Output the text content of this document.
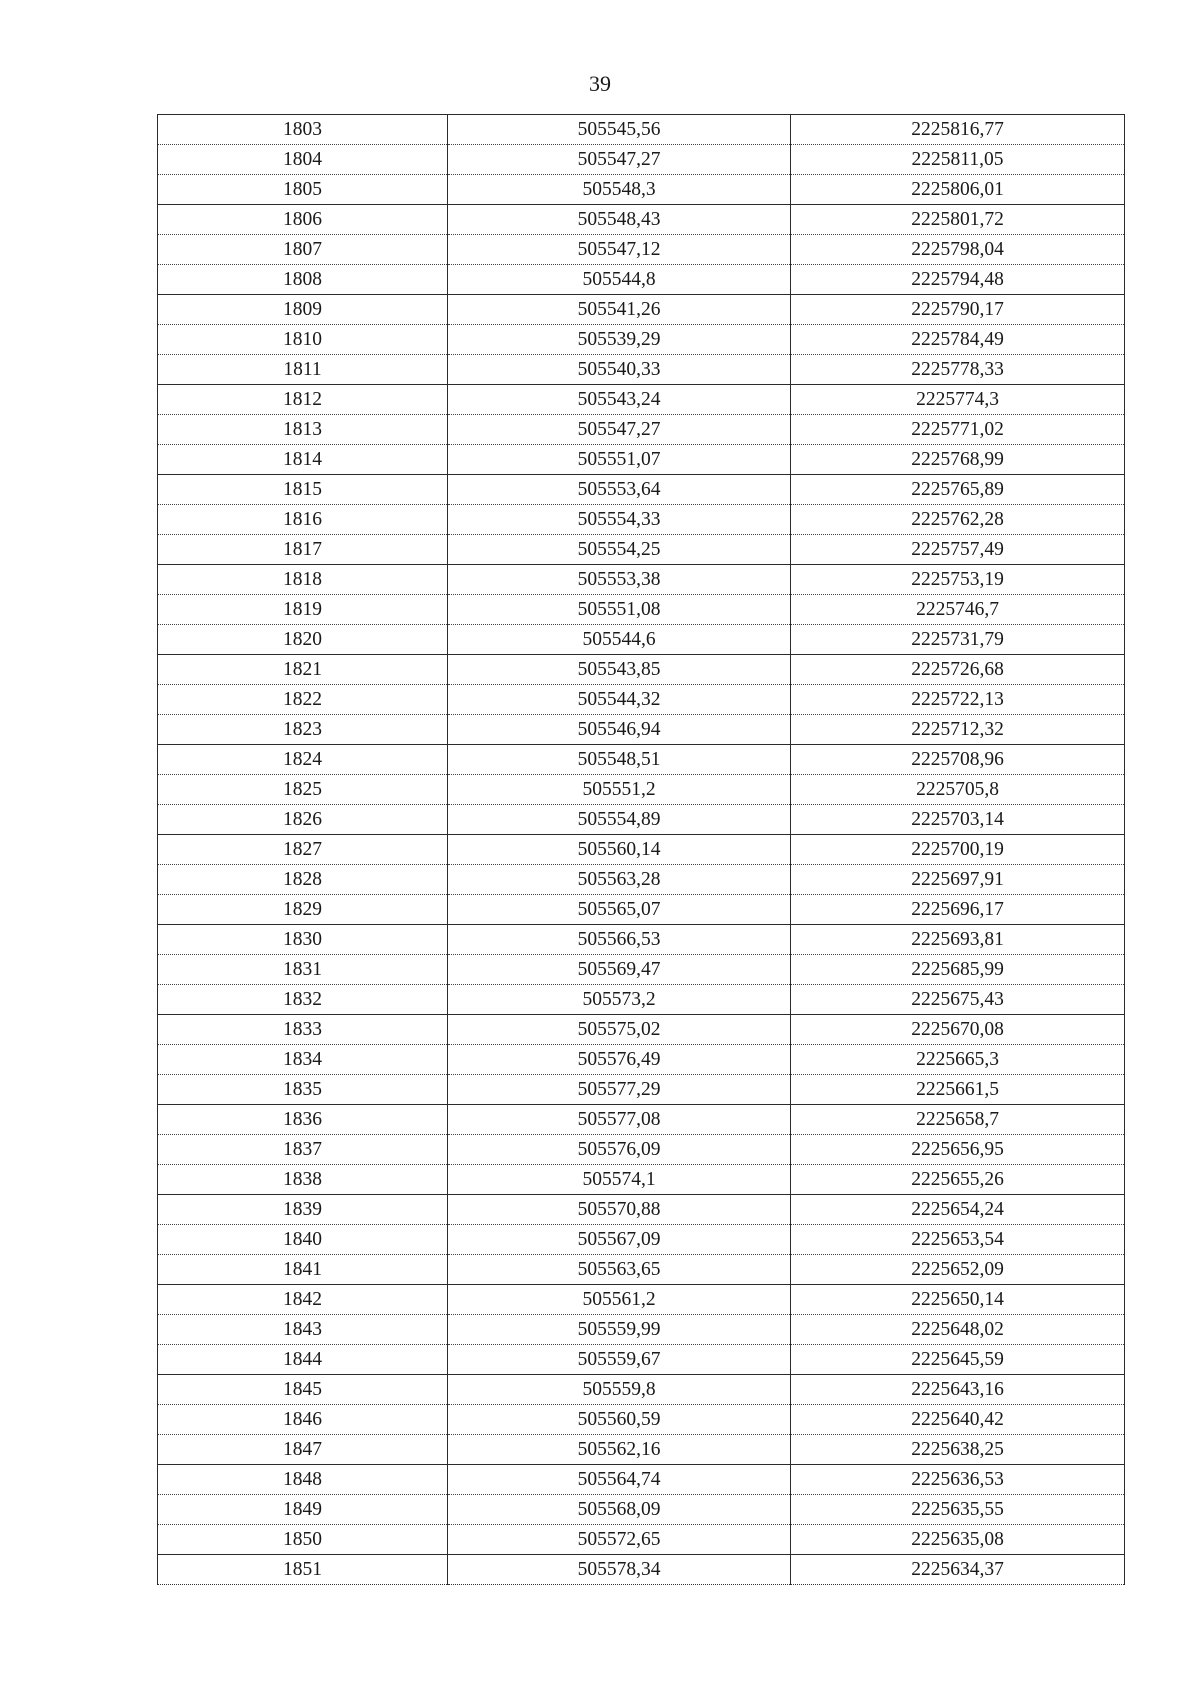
39
1803	505545,56	2225816,77
1804	505547,27	2225811,05
1805	505548,3	2225806,01
1806	505548,43	2225801,72
1807	505547,12	2225798,04
1808	505544,8	2225794,48
1809	505541,26	2225790,17
1810	505539,29	2225784,49
1811	505540,33	2225778,33
1812	505543,24	2225774,3
1813	505547,27	2225771,02
1814	505551,07	2225768,99
1815	505553,64	2225765,89
1816	505554,33	2225762,28
1817	505554,25	2225757,49
1818	505553,38	2225753,19
1819	505551,08	2225746,7
1820	505544,6	2225731,79
1821	505543,85	2225726,68
1822	505544,32	2225722,13
1823	505546,94	2225712,32
1824	505548,51	2225708,96
1825	505551,2	2225705,8
1826	505554,89	2225703,14
1827	505560,14	2225700,19
1828	505563,28	2225697,91
1829	505565,07	2225696,17
1830	505566,53	2225693,81
1831	505569,47	2225685,99
1832	505573,2	2225675,43
1833	505575,02	2225670,08
1834	505576,49	2225665,3
1835	505577,29	2225661,5
1836	505577,08	2225658,7
1837	505576,09	2225656,95
1838	505574,1	2225655,26
1839	505570,88	2225654,24
1840	505567,09	2225653,54
1841	505563,65	2225652,09
1842	505561,2	2225650,14
1843	505559,99	2225648,02
1844	505559,67	2225645,59
1845	505559,8	2225643,16
1846	505560,59	2225640,42
1847	505562,16	2225638,25
1848	505564,74	2225636,53
1849	505568,09	2225635,55
1850	505572,65	2225635,08
1851	505578,34	2225634,37
